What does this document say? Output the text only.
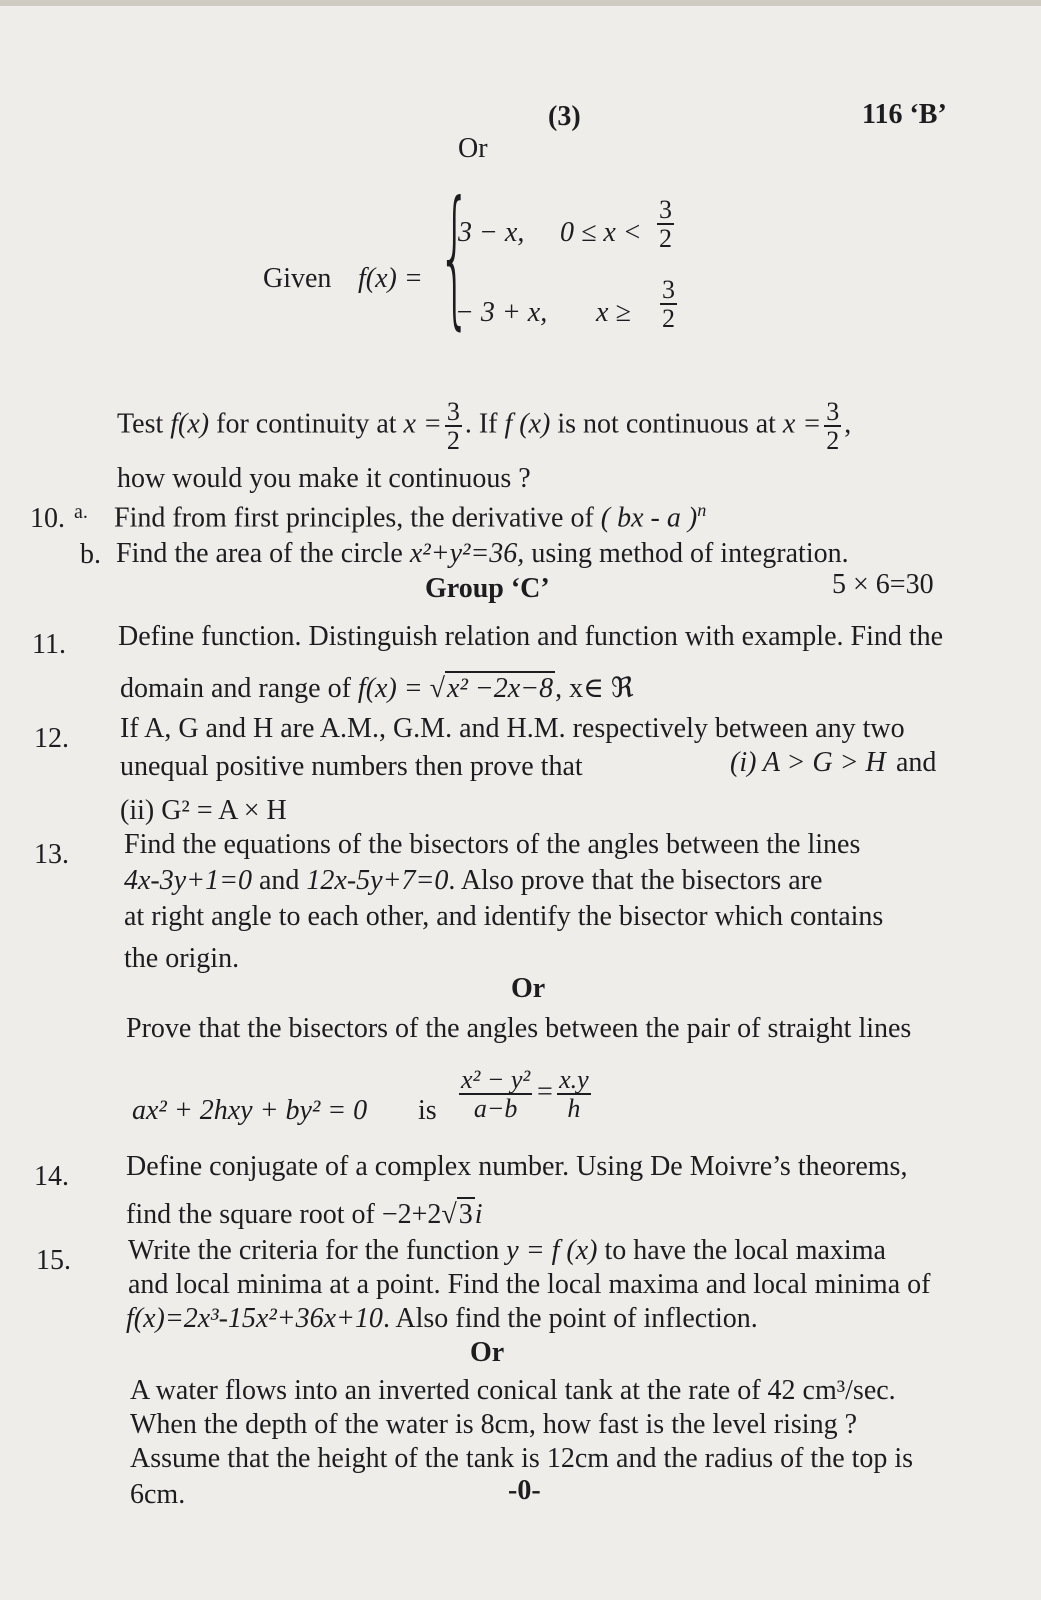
(3)	116 ‘B’
Or
Given f(x) = {
3 − x, $0 \le x < \frac{3}{2}$
− 3 + x, $x \ge \frac{3}{2}$
Test f(x) for continuity at $x = \frac{3}{2}$ . If f (x) is not continuous at $x = \frac{3}{2}$ ,
how would you make it continuous ?
10. a. Find from first principles, the derivative of ( bx - a )$^n$
b. Find the area of the circle x²+y²=36, using method of integration.
Group ‘C’	5 × 6=30
11. Define function. Distinguish relation and function with example. Find the
domain and range of f(x) = √x² −2x−8, x∈ ℜ
12. If A, G and H are A.M., G.M. and H.M. respectively between any two
unequal positive numbers then prove that	(i) A > G > H and
(ii) G² = A × H
13. Find the equations of the bisectors of the angles between the lines
4x-3y+1=0 and 12x-5y+7=0. Also prove that the bisectors are
at right angle to each other, and identify the bisector which contains
the origin.
Or
Prove that the bisectors of the angles between the pair of straight lines
ax² + 2hxy + by² = 0 is $\frac{\text{x² − y²}}{a-b} = \frac{x.y}{h}$
14. Define conjugate of a complex number. Using De Moivre’s theorems,
find the square root of −2+2√3i
15. Write the criteria for the function y = f (x) to have the local maxima
and local minima at a point. Find the local maxima and local minima of
f(x)=2x³-15x²+36x+10. Also find the point of inflection.
Or
A water flows into an inverted conical tank at the rate of 42 cm³/sec.
When the depth of the water is 8cm, how fast is the level rising ?
Assume that the height of the tank is 12cm and the radius of the top is
6cm.	-0-
